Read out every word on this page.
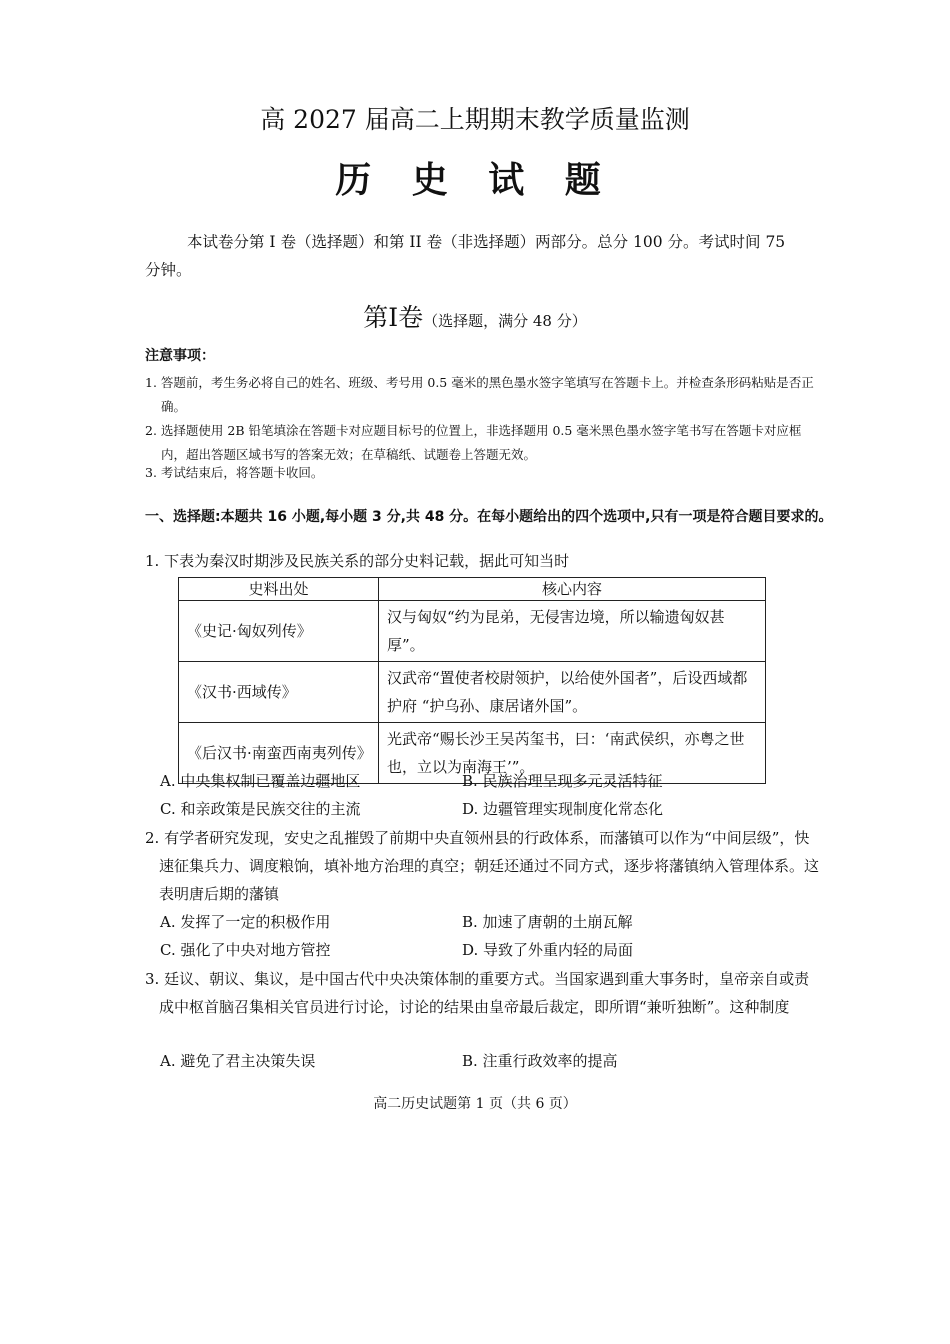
高 2027 届高二上期期末教学质量监测
历 史 试 题
本试卷分第 I 卷（选择题）和第 II 卷（非选择题）两部分。总分 100 分。考试时间 75 分钟。
第Ⅰ卷（选择题，满分 48 分）
注意事项：
1. 答题前，考生务必将自己的姓名、班级、考号用 0.5 毫米的黑色墨水签字笔填写在答题卡上。并检查条形码粘贴是否正确。
2. 选择题使用 2B 铅笔填涂在答题卡对应题目标号的位置上，非选择题用 0.5 毫米黑色墨水签字笔书写在答题卡对应框内，超出答题区域书写的答案无效；在草稿纸、试题卷上答题无效。
3. 考试结束后，将答题卡收回。
一、选择题:本题共 16 小题,每小题 3 分,共 48 分。在每小题给出的四个选项中,只有一项是符合题目要求的。
1. 下表为秦汉时期涉及民族关系的部分史料记载，据此可知当时
史料出处	核心内容
《史记·匈奴列传》	汉与匈奴“约为昆弟，无侵害边境，所以输遗匈奴甚厚”。
《汉书·西域传》	汉武帝“置使者校尉领护，以给使外国者”，后设西域都护府 “护乌孙、康居诸外国”。
《后汉书·南蛮西南夷列传》	光武帝“赐长沙王吴芮玺书，曰：‘南武侯织，亦粤之世也，立以为南海王’”。
A. 中央集权制已覆盖边疆地区	B. 民族治理呈现多元灵活特征
C. 和亲政策是民族交往的主流	D. 边疆管理实现制度化常态化
2. 有学者研究发现，安史之乱摧毁了前期中央直领州县的行政体系，而藩镇可以作为“中间层级”，快速征集兵力、调度粮饷，填补地方治理的真空；朝廷还通过不同方式，逐步将藩镇纳入管理体系。这表明唐后期的藩镇
A. 发挥了一定的积极作用	B. 加速了唐朝的土崩瓦解
C. 强化了中央对地方管控	D. 导致了外重内轻的局面
3. 廷议、朝议、集议，是中国古代中央决策体制的重要方式。当国家遇到重大事务时，皇帝亲自或责成中枢首脑召集相关官员进行讨论，讨论的结果由皇帝最后裁定，即所谓“兼听独断”。这种制度
A. 避免了君主决策失误	B. 注重行政效率的提高
高二历史试题第 1 页（共 6 页）
